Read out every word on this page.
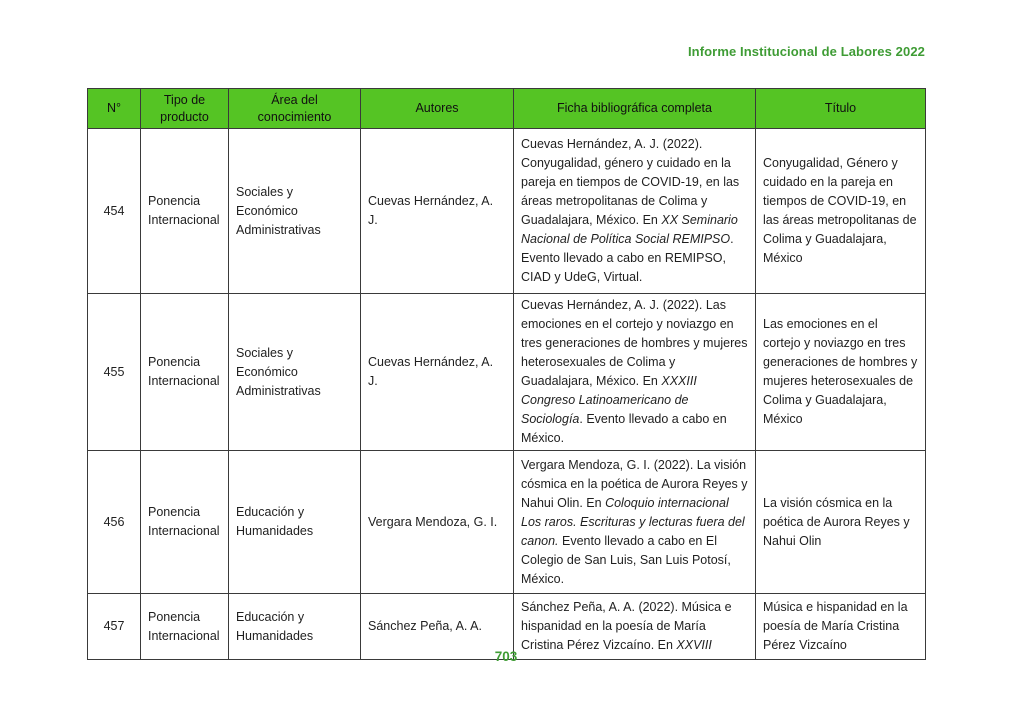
Informe Institucional de Labores 2022
N°	Tipo de producto	Área del conocimiento	Autores	Ficha bibliográfica completa	Título
454	Ponencia Internacional	Sociales y Económico Administrativas	Cuevas Hernández, A. J.	Cuevas Hernández, A. J. (2022). Conyugalidad, género y cuidado en la pareja en tiempos de COVID-19, en las áreas metropolitanas de Colima y Guadalajara, México. En XX Seminario Nacional de Política Social REMIPSO. Evento llevado a cabo en REMIPSO, CIAD y UdeG, Virtual.	Conyugalidad, Género y cuidado en la pareja en tiempos de COVID-19, en las áreas metropolitanas de Colima y Guadalajara, México
455	Ponencia Internacional	Sociales y Económico Administrativas	Cuevas Hernández, A. J.	Cuevas Hernández, A. J. (2022). Las emociones en el cortejo y noviazgo en tres generaciones de hombres y mujeres heterosexuales de Colima y Guadalajara, México. En XXXIII Congreso Latinoamericano de Sociología. Evento llevado a cabo en México.	Las emociones en el cortejo y noviazgo en tres generaciones de hombres y mujeres heterosexuales de Colima y Guadalajara, México
456	Ponencia Internacional	Educación y Humanidades	Vergara Mendoza, G. I.	Vergara Mendoza, G. I. (2022). La visión cósmica en la poética de Aurora Reyes y Nahui Olin. En Coloquio internacional Los raros. Escrituras y lecturas fuera del canon. Evento llevado a cabo en El Colegio de San Luis, San Luis Potosí, México.	La visión cósmica en la poética de Aurora Reyes y Nahui Olin
457	Ponencia Internacional	Educación y Humanidades	Sánchez Peña, A. A.	Sánchez Peña, A. A. (2022). Música e hispanidad en la poesía de María Cristina Pérez Vizcaíno. En XXVIII	Música e hispanidad en la poesía de María Cristina Pérez Vizcaíno
703
